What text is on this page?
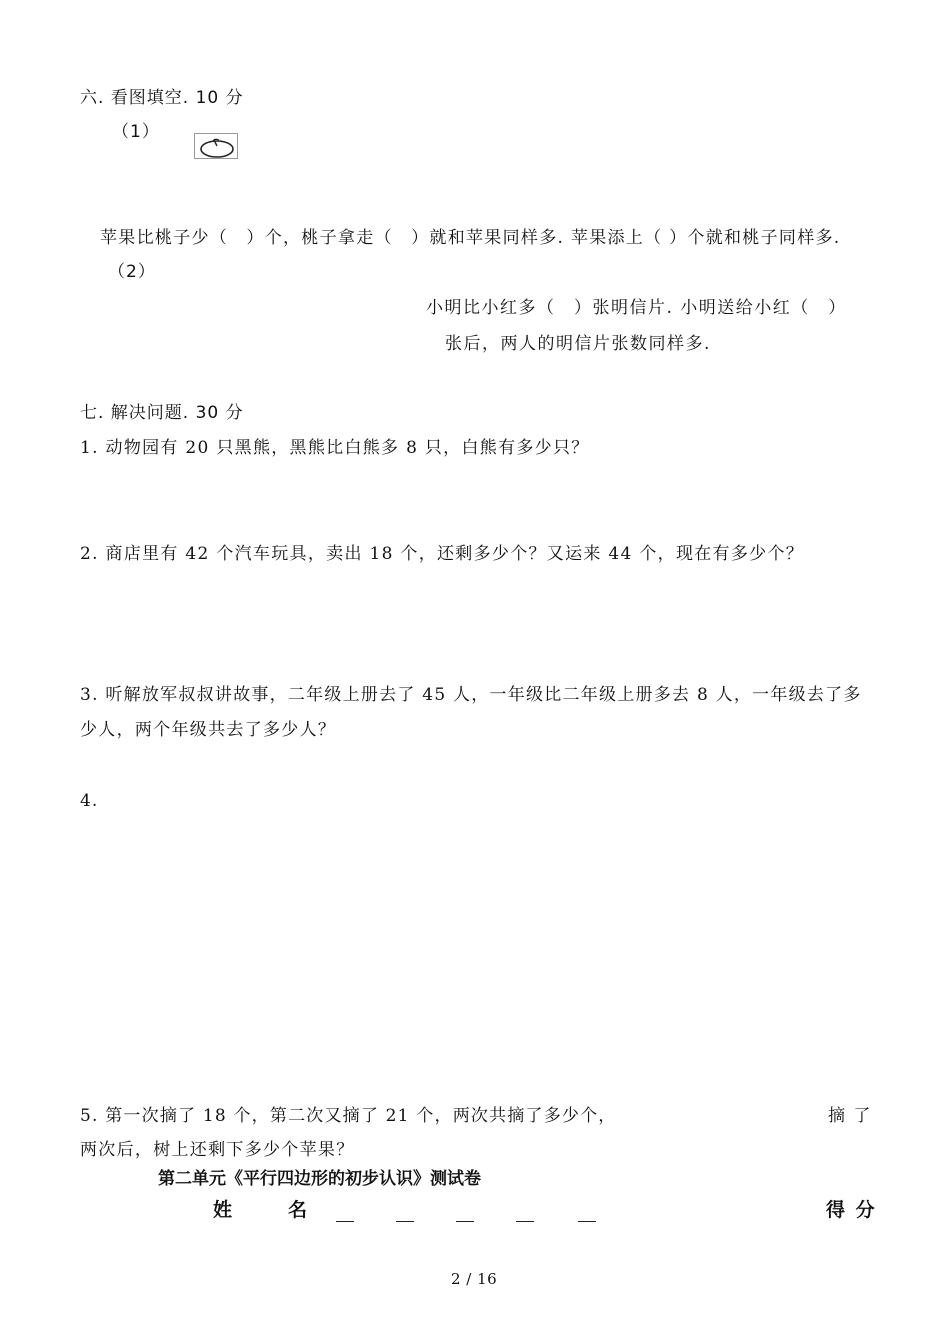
六. 看图填空. 10 分
（1）
苹果比桃子少（　）个，桃子拿走（　）就和苹果同样多. 苹果添上（ ）个就和桃子同样多.
（2）
小明比小红多（　）张明信片. 小明送给小红（　）
张后，两人的明信片张数同样多.
七. 解决问题. 30 分
1. 动物园有 20 只黑熊，黑熊比白熊多 8 只，白熊有多少只？
2. 商店里有 42 个汽车玩具，卖出 18 个，还剩多少个？又运来 44 个，现在有多少个？
3. 听解放军叔叔讲故事，二年级上册去了 45 人，一年级比二年级上册多去 8 人，一年级去了多
少人，两个年级共去了多少人？
4.
5. 第一次摘了 18 个，第二次又摘了 21 个，两次共摘了多少个，	摘 了
两次后，树上还剩下多少个苹果？
第二单元《平行四边形的初步认识》测试卷
姓　　名	得 分
2 / 16
